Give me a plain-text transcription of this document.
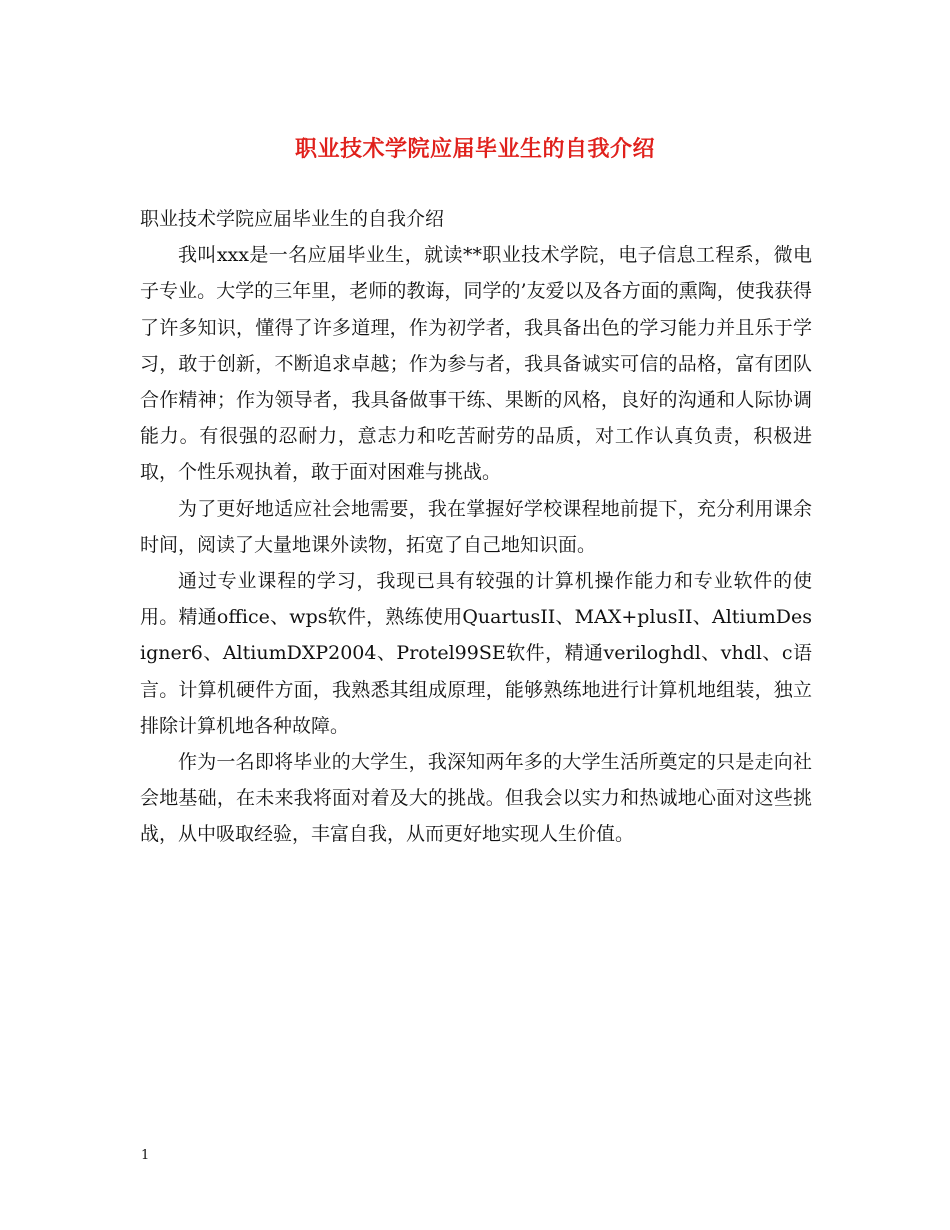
职业技术学院应届毕业生的自我介绍

职业技术学院应届毕业生的自我介绍

我叫xxx是一名应届毕业生，就读**职业技术学院，电子信息工程系，微电子专业。大学的三年里，老师的教诲，同学的’友爱以及各方面的熏陶，使我获得了许多知识，懂得了许多道理，作为初学者，我具备出色的学习能力并且乐于学习，敢于创新，不断追求卓越；作为参与者，我具备诚实可信的品格，富有团队合作精神；作为领导者，我具备做事干练、果断的风格，良好的沟通和人际协调能力。有很强的忍耐力，意志力和吃苦耐劳的品质，对工作认真负责，积极进取，个性乐观执着，敢于面对困难与挑战。

为了更好地适应社会地需要，我在掌握好学校课程地前提下，充分利用课余时间，阅读了大量地课外读物，拓宽了自己地知识面。

通过专业课程的学习，我现已具有较强的计算机操作能力和专业软件的使用。精通office、wps软件，熟练使用QuartusII、MAX+plusII、AltiumDesigner6、AltiumDXP2004、Protel99SE软件，精通veriloghdl、vhdl、c语言。计算机硬件方面，我熟悉其组成原理，能够熟练地进行计算机地组装，独立排除计算机地各种故障。

作为一名即将毕业的大学生，我深知两年多的大学生活所奠定的只是走向社会地基础，在未来我将面对着及大的挑战。但我会以实力和热诚地心面对这些挑战，从中吸取经验，丰富自我，从而更好地实现人生价值。

1
